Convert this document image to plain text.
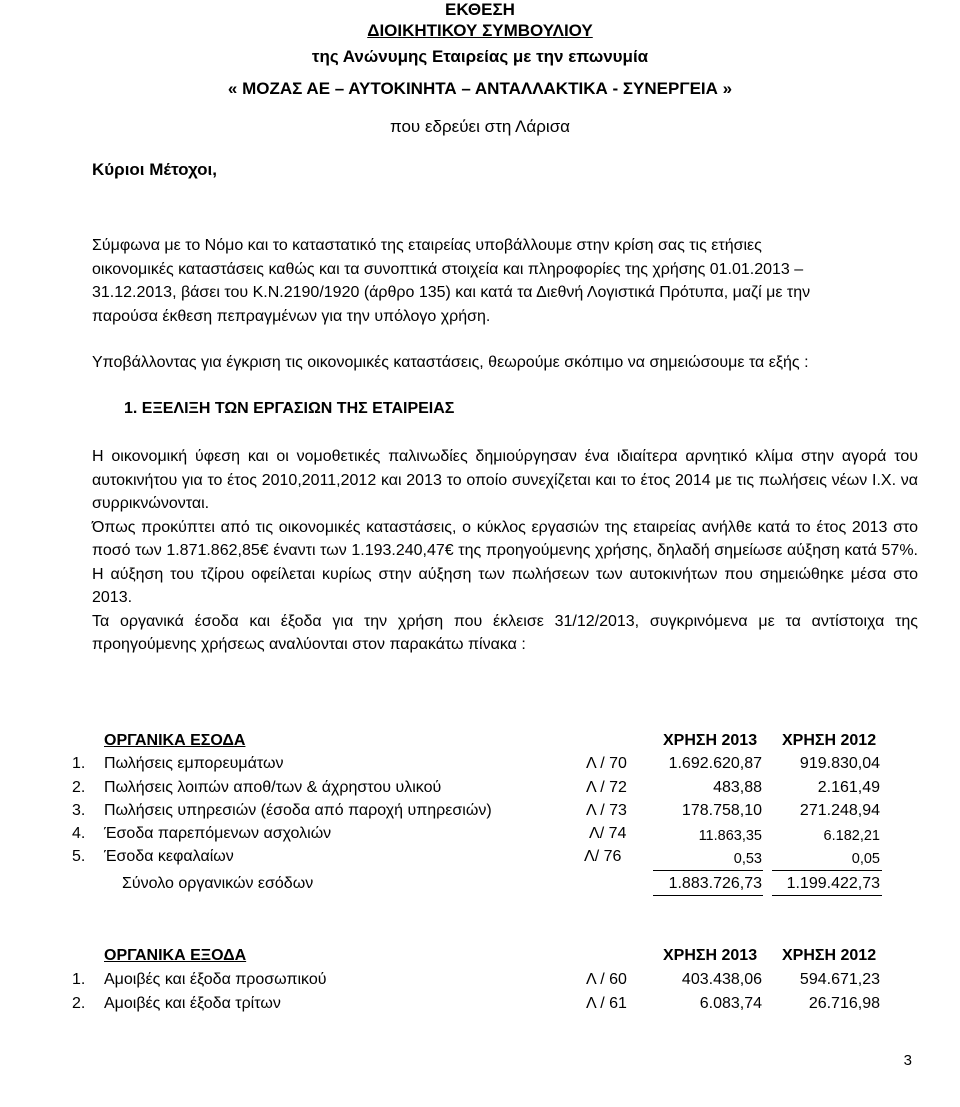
ΕΚΘΕΣΗ
ΔΙΟΙΚΗΤΙΚΟΥ ΣΥΜΒΟΥΛΙΟΥ
της Ανώνυμης Εταιρείας με την επωνυμία
« ΜΟΖΑΣ ΑΕ – ΑΥΤΟΚΙΝΗΤΑ – ΑΝΤΑΛΛΑΚΤΙΚΑ - ΣΥΝΕΡΓΕΙΑ »
που εδρεύει στη Λάρισα
Κύριοι Μέτοχοι,
Σύμφωνα με το Νόμο και το καταστατικό της εταιρείας υποβάλλουμε στην κρίση σας τις ετήσιες
οικονομικές καταστάσεις καθώς και τα συνοπτικά στοιχεία και πληροφορίες της χρήσης 01.01.2013 –
31.12.2013, βάσει του Κ.Ν.2190/1920 (άρθρο 135) και κατά τα Διεθνή Λογιστικά Πρότυπα, μαζί με την
παρούσα έκθεση πεπραγμένων για την υπόλογο χρήση.
Υποβάλλοντας για έγκριση τις οικονομικές καταστάσεις, θεωρούμε σκόπιμο να σημειώσουμε τα εξής :
1. ΕΞΕΛΙΞΗ ΤΩΝ ΕΡΓΑΣΙΩΝ ΤΗΣ ΕΤΑΙΡΕΙΑΣ

Η οικονομική ύφεση και οι νομοθετικές παλινωδίες δημιούργησαν ένα ιδιαίτερα αρνητικό κλίμα στην αγορά του αυτοκινήτου για το έτος 2010,2011,2012 και 2013 το οποίο συνεχίζεται και το έτος 2014 με τις πωλήσεις νέων Ι.Χ. να συρρικνώνονται.

Όπως προκύπτει από τις οικονομικές καταστάσεις, ο κύκλος εργασιών της εταιρείας ανήλθε κατά το έτος 2013 στο ποσό των 1.871.862,85€ έναντι των 1.193.240,47€ της προηγούμενης χρήσης, δηλαδή σημείωσε αύξηση κατά 57%. Η αύξηση του τζίρου οφείλεται κυρίως στην αύξηση των πωλήσεων των αυτοκινήτων που σημειώθηκε μέσα στο 2013.

Τα οργανικά έσοδα και έξοδα για την χρήση που έκλεισε 31/12/2013, συγκρινόμενα με τα αντίστοιχα της προηγούμενης χρήσεως αναλύονται στον παρακάτω πίνακα :

ΟΡΓΑΝΙΚΑ ΕΣΟΔΑ	ΧΡΗΣΗ 2013 ΧΡΗΣΗ 2012
1. Πωλήσεις εμπορευμάτων	Λ / 70	1.692.620,87 919.830,04
2. Πωλήσεις λοιπών αποθ/των & άχρηστου υλικού	Λ / 72	483,88	2.161,49
3. Πωλήσεις υπηρεσιών (έσοδα από παροχή υπηρεσιών)	Λ / 73	178.758,10 271.248,94
4. Έσοδα παρεπόμενων ασχολιών	Λ/ 74	11.863,35	6.182,21
5. Έσοδα κεφαλαίων	Λ/ 76	0,53	0,05
Σύνολο οργανικών εσόδων	1.883.726,73 1.199.422,73
ΟΡΓΑΝΙΚΑ ΕΞΟΔΑ	ΧΡΗΣΗ 2013 ΧΡΗΣΗ 2012
1. Αμοιβές και έξοδα προσωπικού	Λ / 60	403.438,06 594.671,23
2. Αμοιβές και έξοδα τρίτων	Λ / 61	6.083,74	26.716,98
3
